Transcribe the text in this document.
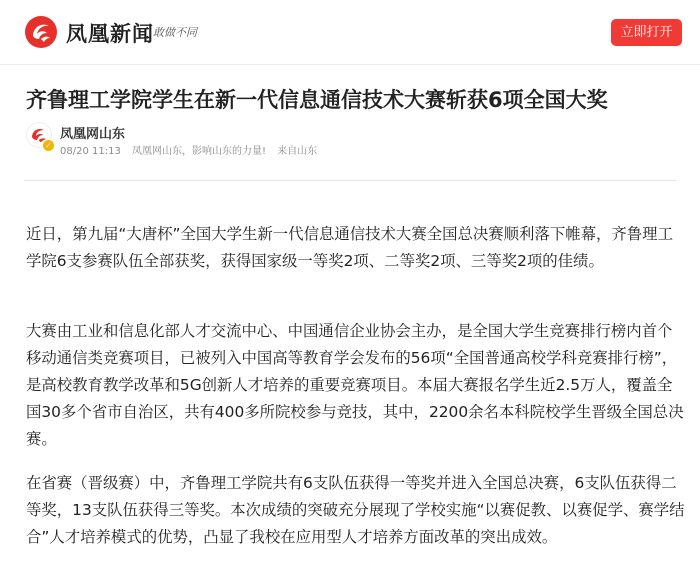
凤凰新闻 敢做不同	立即打开
齐鲁理工学院学生在新一代信息通信技术大赛斩获6项全国大奖
✓
凤凰网山东
08/20 11:13 凤凰网山东，影响山东的力量! 来自山东

近日，第九届“大唐杯”全国大学生新一代信息通信技术大赛全国总决赛顺利落下帷幕，齐鲁理工学院6支参赛队伍全部获奖，获得国家级一等奖2项、二等奖2项、三等奖2项的佳绩。

大赛由工业和信息化部人才交流中心、中国通信企业协会主办，是全国大学生竞赛排行榜内首个移动通信类竞赛项目，已被列入中国高等教育学会发布的56项“全国普通高校学科竞赛排行榜”，是高校教育教学改革和5G创新人才培养的重要竞赛项目。本届大赛报名学生近2.5万人，覆盖全国30多个省市自治区，共有400多所院校参与竞技，其中，2200余名本科院校学生晋级全国总决赛。

在省赛（晋级赛）中，齐鲁理工学院共有6支队伍获得一等奖并进入全国总决赛，6支队伍获得二等奖，13支队伍获得三等奖。本次成绩的突破充分展现了学校实施“以赛促教、以赛促学、赛学结合”人才培养模式的优势，凸显了我校在应用型人才培养方面改革的突出成效。
